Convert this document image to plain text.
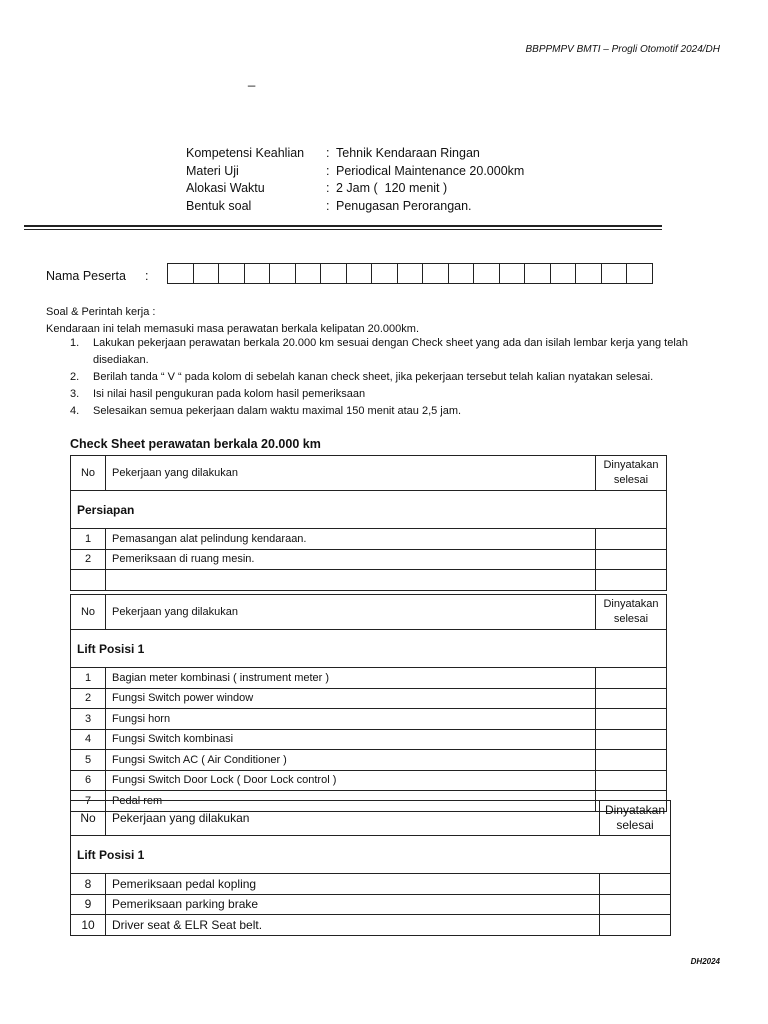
BBPPMPV BMTI – Progli Otomotif 2024/DH
_
Kompetensi Keahlian	: Tehnik Kendaraan Ringan
Materi Uji	: Periodical Maintenance 20.000km
Alokasi Waktu	: 2 Jam (  120 menit )
Bentuk soal	: Penugasan Perorangan.
Nama Peserta :
Soal & Perintah kerja :
Kendaraan ini telah memasuki masa perawatan berkala kelipatan 20.000km.
1.	Lakukan pekerjaan perawatan berkala 20.000 km sesuai dengan Check sheet yang ada dan isilah lembar kerja yang telah disediakan.
2.	Berilah tanda “ V “ pada kolom di sebelah kanan check sheet, jika pekerjaan tersebut telah kalian nyatakan selesai.
3.	Isi nilai hasil pengukuran pada kolom hasil pemeriksaan
4.	Selesaikan semua pekerjaan dalam waktu maximal 150 menit atau 2,5 jam.
Check Sheet perawatan berkala 20.000 km
No	Pekerjaan yang dilakukan	Dinyatakan selesai
Persiapan		
1	Pemasangan alat pelindung kendaraan.	
2	Pemeriksaan di ruang mesin.	

No	Pekerjaan yang dilakukan	Dinyatakan selesai
Lift Posisi 1		
1	Bagian meter kombinasi ( instrument meter )	
2	Fungsi Switch power window	
3	Fungsi horn	
4	Fungsi Switch kombinasi	
5	Fungsi Switch AC ( Air Conditioner )	
6	Fungsi Switch Door Lock ( Door Lock control )	
7	Pedal rem	
No	Pekerjaan yang dilakukan	Dinyatakan selesai
Lift Posisi 1		
8	Pemeriksaan pedal kopling	
9	Pemeriksaan parking brake	
10	Driver seat & ELR Seat belt.	
DH2024
